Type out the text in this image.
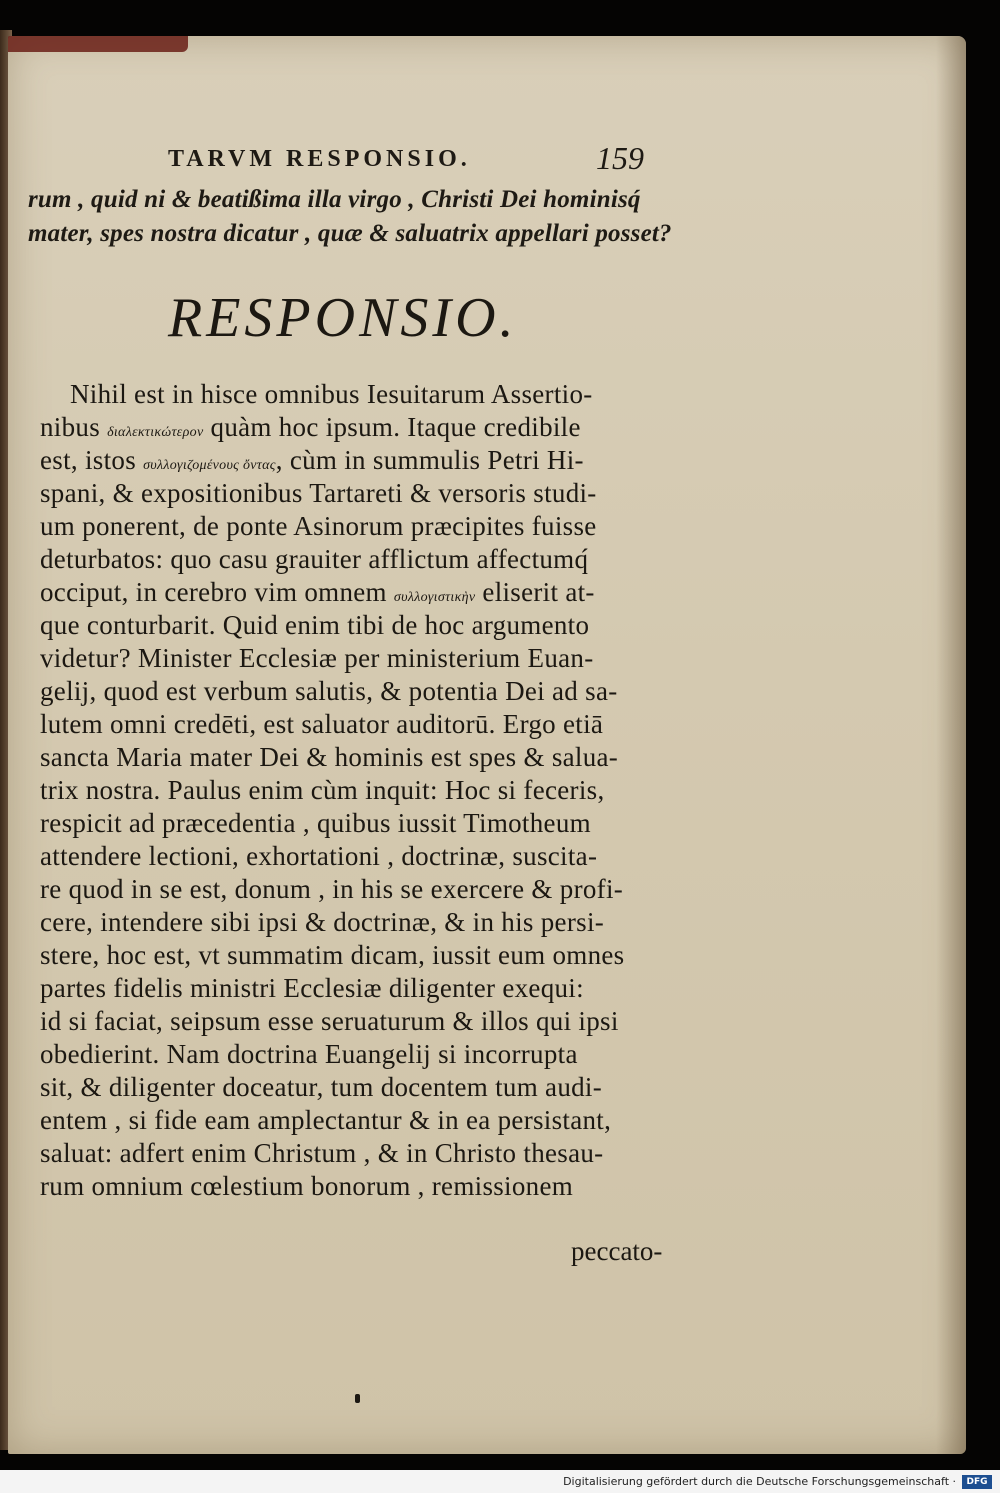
TARVM RESPONSIO.	159
rum , quid ni & beatißima illa virgo , Christi Dei hominisq́
mater, spes nostra dicatur , quæ & saluatrix appellari posset?
RESPONSIO.
Nihil est in hisce omnibus Iesuitarum Assertio-
nibus διαλεκτικώτερον quàm hoc ipsum. Itaque credibile
est, istos συλλογιζομένους ὄντας, cùm in summulis Petri Hi-
spani, & expositionibus Tartareti & versoris studi-
um ponerent, de ponte Asinorum præcipites fuisse
deturbatos: quo casu grauiter afflictum affectumq́
occiput, in cerebro vim omnem συλλογιστικὴν eliserit at-
que conturbarit. Quid enim tibi de hoc argumento
videtur? Minister Ecclesiæ per ministerium Euan-
gelij, quod est verbum salutis, & potentia Dei ad sa-
lutem omni credēti, est saluator auditorū. Ergo etiā
sancta Maria mater Dei & hominis est spes & salua-
trix nostra. Paulus enim cùm inquit: Hoc si feceris,
respicit ad præcedentia , quibus iussit Timotheum
attendere lectioni, exhortationi , doctrinæ, suscita-
re quod in se est, donum , in his se exercere & profi-
cere, intendere sibi ipsi & doctrinæ, & in his persi-
stere, hoc est, vt summatim dicam, iussit eum omnes
partes fidelis ministri Ecclesiæ diligenter exequi:
id si faciat, seipsum esse seruaturum & illos qui ipsi
obedierint. Nam doctrina Euangelij si incorrupta
sit, & diligenter doceatur, tum docentem tum audi-
entem , si fide eam amplectantur & in ea persistant,
saluat: adfert enim Christum , & in Christo thesau-
rum omnium cœlestium bonorum , remissionem
peccato-
Digitalisierung gefördert durch die Deutsche Forschungsgemeinschaft ·	DFG
